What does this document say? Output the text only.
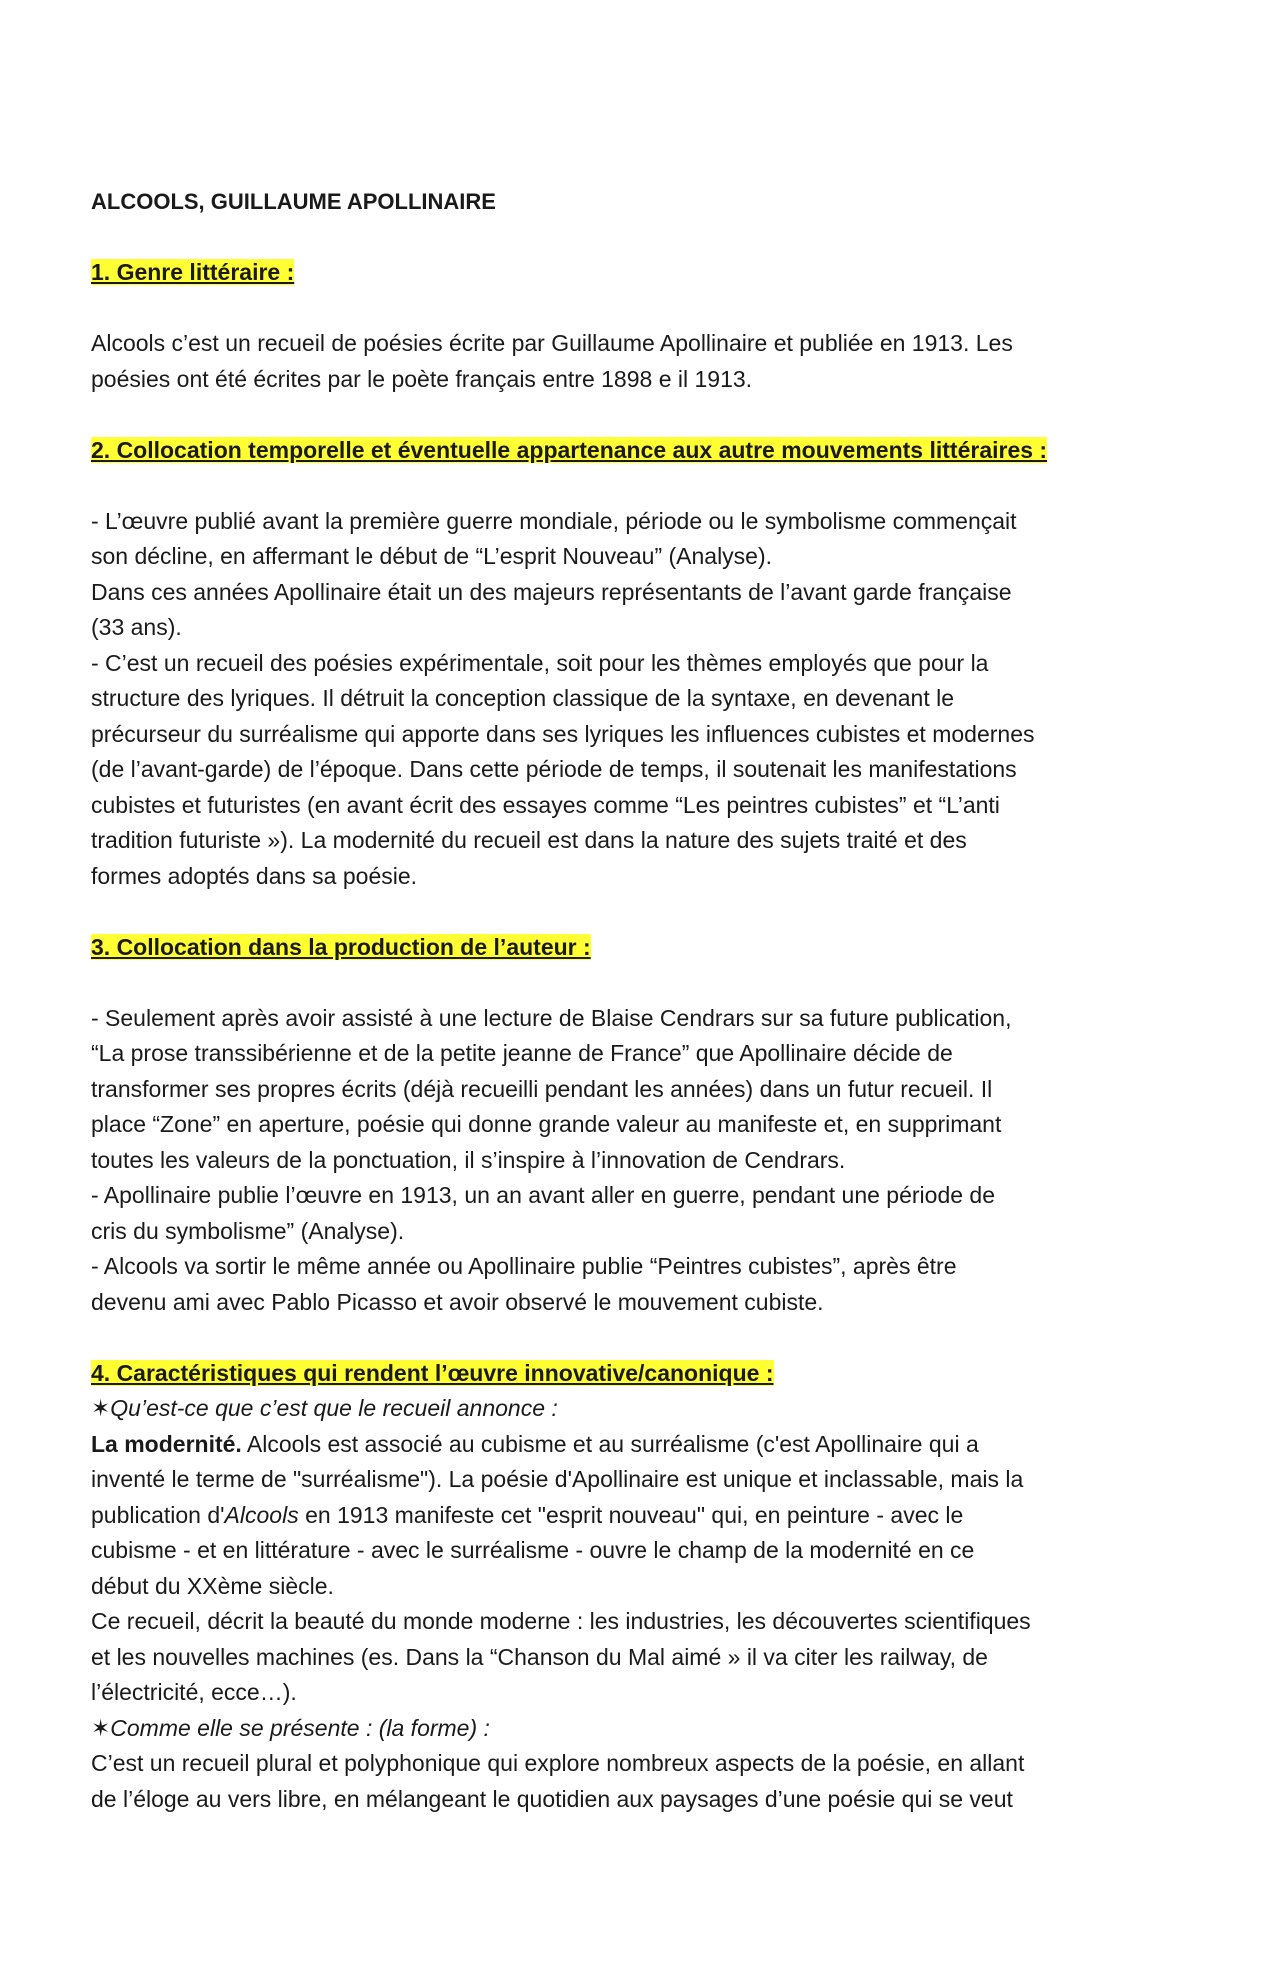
ALCOOLS, GUILLAUME APOLLINAIRE

1. Genre littéraire :

Alcools c’est un recueil de poésies écrite par Guillaume Apollinaire et publiée en 1913. Les

poésies ont été écrites par le poète français entre 1898 e il 1913.

2. Collocation temporelle et éventuelle appartenance aux autre mouvements littéraires :

- L’œuvre publié avant la première guerre mondiale, période ou le symbolisme commençait

son décline, en affermant le début de “L’esprit Nouveau” (Analyse).

Dans ces années Apollinaire était un des majeurs représentants de l’avant garde française

(33 ans).

- C’est un recueil des poésies expérimentale, soit pour les thèmes employés que pour la

structure des lyriques. Il détruit la conception classique de la syntaxe, en devenant le

précurseur du surréalisme qui apporte dans ses lyriques les influences cubistes et modernes

(de l’avant-garde) de l’époque. Dans cette période de temps, il soutenait les manifestations

cubistes et futuristes (en avant écrit des essayes comme “Les peintres cubistes” et “L’anti

tradition futuriste »). La modernité du recueil est dans la nature des sujets traité et des

formes adoptés dans sa poésie.

3. Collocation dans la production de l’auteur :

- Seulement après avoir assisté à une lecture de Blaise Cendrars sur sa future publication,

“La prose transsibérienne et de la petite jeanne de France” que Apollinaire décide de

transformer ses propres écrits (déjà recueilli pendant les années) dans un futur recueil. Il

place “Zone” en aperture, poésie qui donne grande valeur au manifeste et, en supprimant

toutes les valeurs de la ponctuation, il s’inspire à l’innovation de Cendrars.

- Apollinaire publie l’œuvre en 1913, un an avant aller en guerre, pendant une période de

cris du symbolisme” (Analyse).

- Alcools va sortir le même année ou Apollinaire publie “Peintres cubistes”, après être

devenu ami avec Pablo Picasso et avoir observé le mouvement cubiste.

4. Caractéristiques qui rendent l’œuvre innovative/canonique :

✶Qu’est-ce que c’est que le recueil annonce :

La modernité. Alcools est associé au cubisme et au surréalisme (c'est Apollinaire qui a

inventé le terme de "surréalisme"). La poésie d'Apollinaire est unique et inclassable, mais la

publication d'Alcools en 1913 manifeste cet "esprit nouveau" qui, en peinture - avec le

cubisme - et en littérature - avec le surréalisme - ouvre le champ de la modernité en ce

début du XXème siècle.

Ce recueil, décrit la beauté du monde moderne : les industries, les découvertes scientifiques

et les nouvelles machines (es. Dans la “Chanson du Mal aimé » il va citer les railway, de

l’électricité, ecce…).

✶Comme elle se présente : (la forme) :

C’est un recueil plural et polyphonique qui explore nombreux aspects de la poésie, en allant

de l’éloge au vers libre, en mélangeant le quotidien aux paysages d’une poésie qui se veut
